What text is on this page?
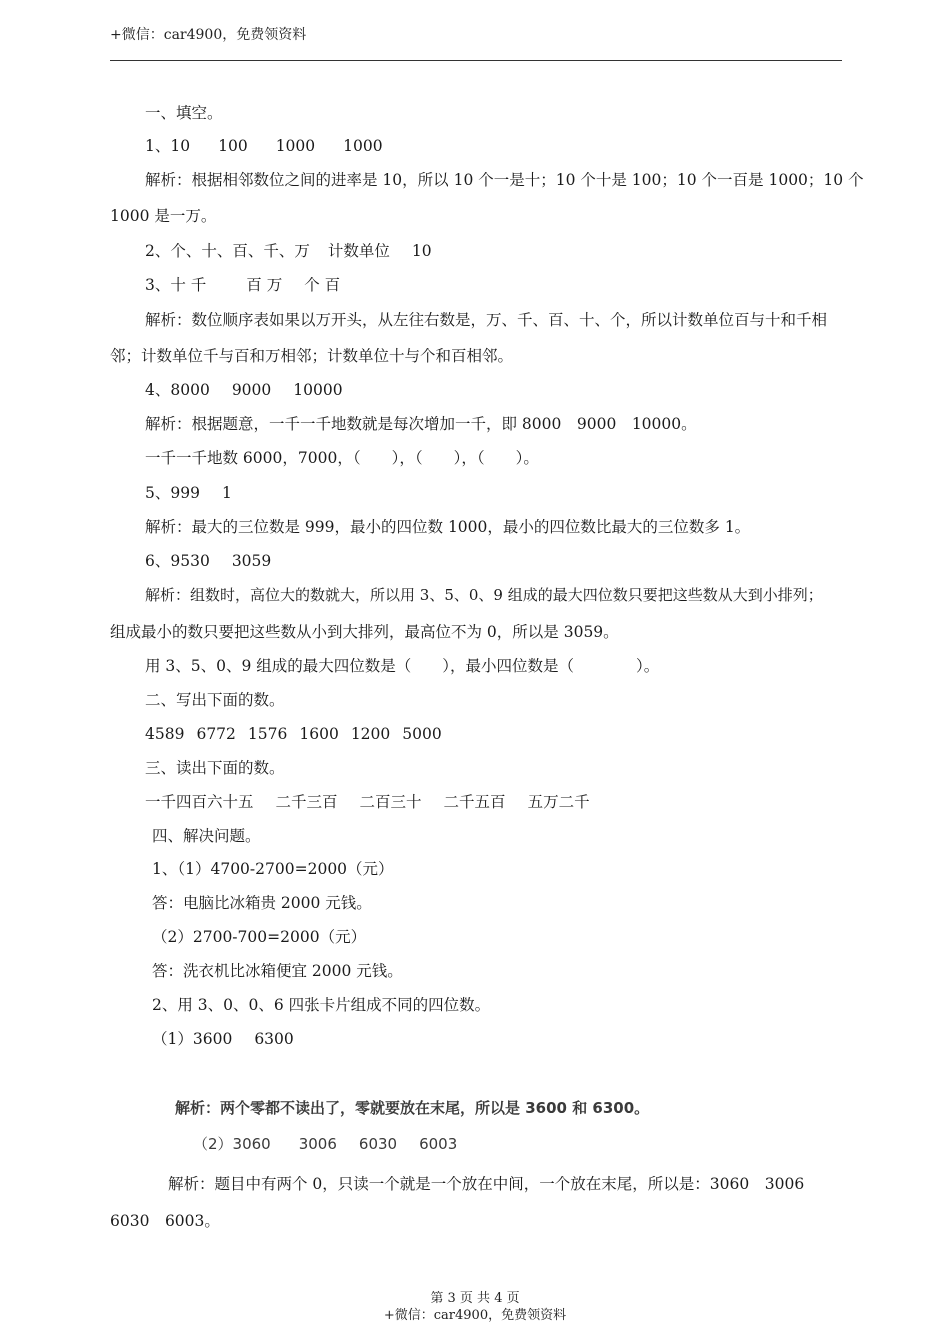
+微信：car4900，免费领资料
一、填空。
1、10 100 1000 1000
解析：根据相邻数位之间的进率是 10，所以 10 个一是十；10 个十是 100；10 个一百是 1000；10 个
1000 是一万。
2、个、十、百、千、万 计数单位 10
3、十 千	百 万 个 百
解析：数位顺序表如果以万开头，从左往右数是，万、千、百、十、个，所以计数单位百与十和千相
邻；计数单位千与百和万相邻；计数单位十与个和百相邻。
4、8000 9000 10000
解析：根据题意，一千一千地数就是每次增加一千，即 8000　9000　10000。
一千一千地数 6000，7000，（　　），（　　），（　　）。
5、999 1
解析：最大的三位数是 999，最小的四位数 1000，最小的四位数比最大的三位数多 1。
6、9530 3059
解析：组数时，高位大的数就大，所以用 3、5、0、9 组成的最大四位数只要把这些数从大到小排列；
组成最小的数只要把这些数从小到大排列，最高位不为 0，所以是 3059。
用 3、5、0、9 组成的最大四位数是（　　），最小四位数是（　　　　）。
二、写出下面的数。
4589 6772 1576 1600 1200 5000
三、读出下面的数。
一千四百六十五 二千三百 二百三十 二千五百 五万二千
四、解决问题。
1、（1）4700-2700=2000（元）
答：电脑比冰箱贵 2000 元钱。
（2）2700-700=2000（元）
答：洗衣机比冰箱便宜 2000 元钱。
2、用 3、0、0、6 四张卡片组成不同的四位数。
（1）3600 6300
解析：两个零都不读出了，零就要放在末尾，所以是 3600 和 6300。
（2）3060 3006 6030 6003
解析：题目中有两个 0，只读一个就是一个放在中间，一个放在末尾，所以是：3060　3006
6030　6003。
第 3 页 共 4 页
+微信：car4900，免费领资料
